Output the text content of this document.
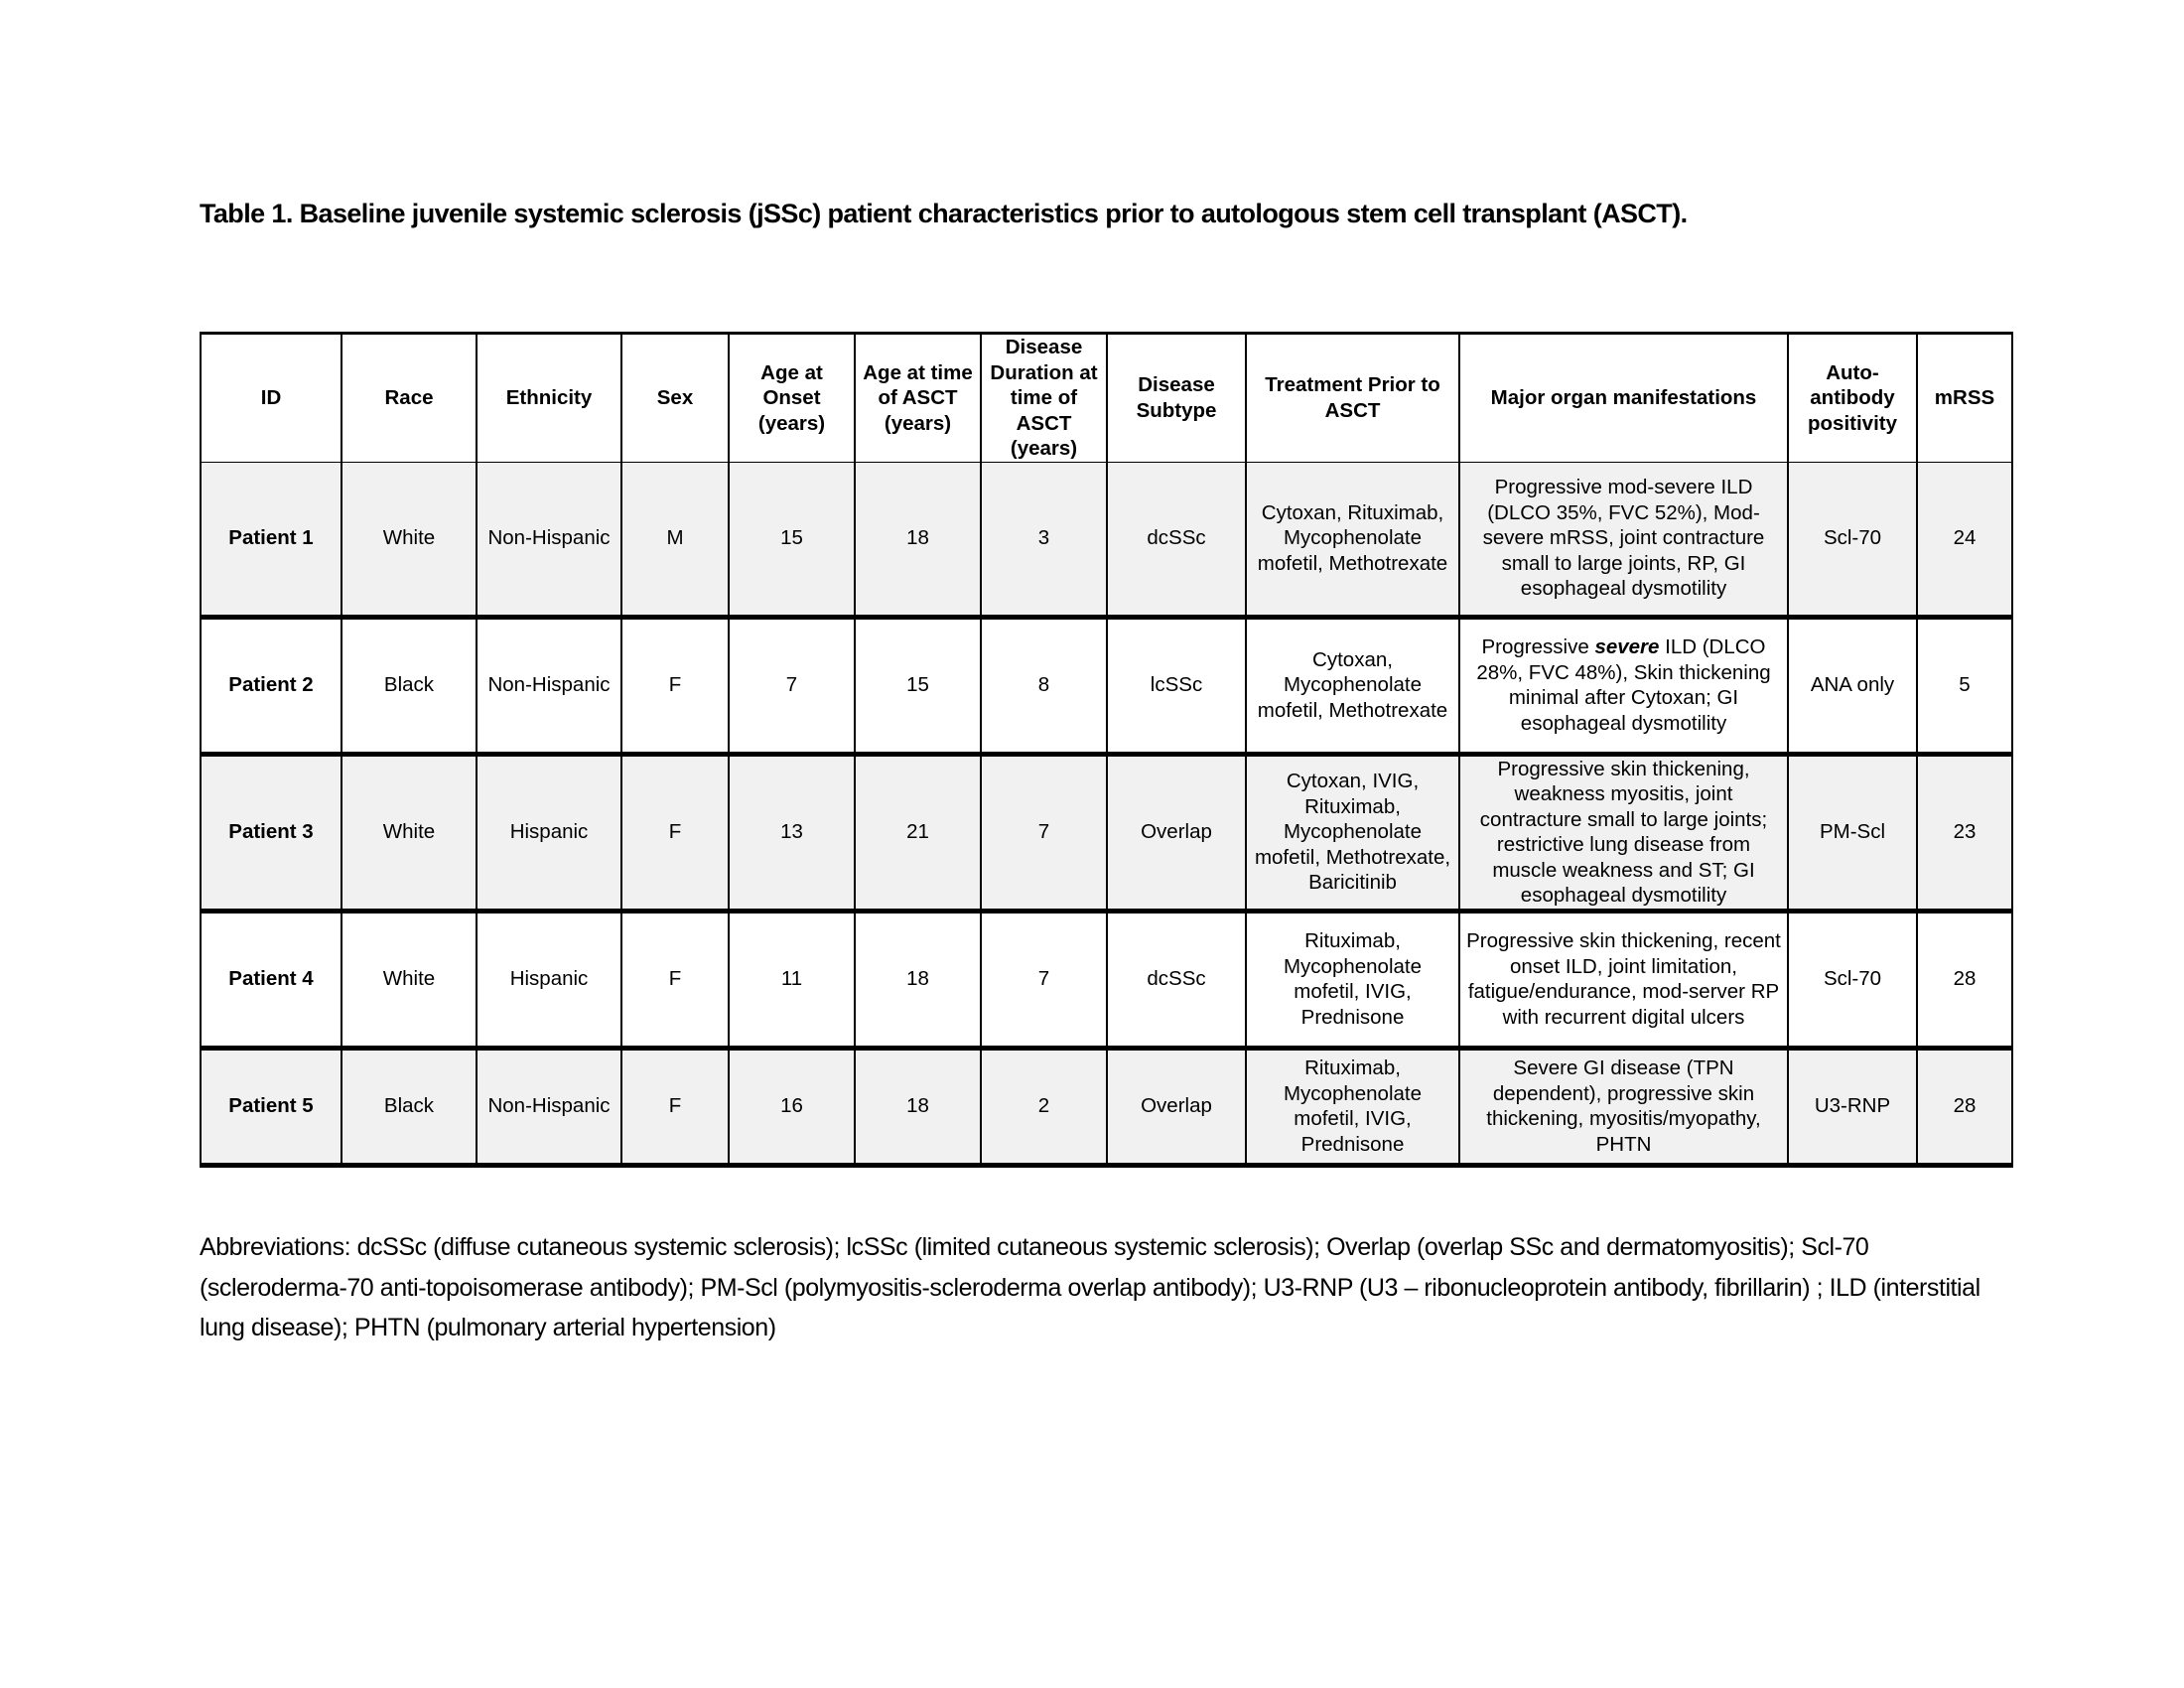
Table 1. Baseline juvenile systemic sclerosis (jSSc) patient characteristics prior to autologous stem cell transplant (ASCT).
ID	Race	Ethnicity	Sex	Age at Onset (years)	Age at time of ASCT (years)	Disease Duration at time of ASCT (years)	Disease Subtype	Treatment Prior to ASCT	Major organ manifestations	Auto-antibody positivity	mRSS
Patient 1	White	Non-Hispanic	M	15	18	3	dcSSc	Cytoxan, Rituximab, Mycophenolate mofetil, Methotrexate	Progressive mod-severe ILD (DLCO 35%, FVC 52%), Mod-severe mRSS, joint contracture small to large joints, RP, GI esophageal dysmotility	Scl-70	24
Patient 2	Black	Non-Hispanic	F	7	15	8	lcSSc	Cytoxan, Mycophenolate mofetil, Methotrexate	Progressive severe ILD (DLCO 28%, FVC 48%), Skin thickening minimal after Cytoxan; GI esophageal dysmotility	ANA only	5
Patient 3	White	Hispanic	F	13	21	7	Overlap	Cytoxan, IVIG, Rituximab, Mycophenolate mofetil, Methotrexate, Baricitinib	Progressive skin thickening, weakness myositis, joint contracture small to large joints; restrictive lung disease from muscle weakness and ST; GI esophageal dysmotility	PM-Scl	23
Patient 4	White	Hispanic	F	11	18	7	dcSSc	Rituximab, Mycophenolate mofetil, IVIG, Prednisone	Progressive skin thickening, recent onset ILD, joint limitation, fatigue/endurance, mod-server RP with recurrent digital ulcers	Scl-70	28
Patient 5	Black	Non-Hispanic	F	16	18	2	Overlap	Rituximab, Mycophenolate mofetil, IVIG, Prednisone	Severe GI disease (TPN dependent), progressive skin thickening, myositis/myopathy, PHTN	U3-RNP	28
Abbreviations: dcSSc (diffuse cutaneous systemic sclerosis); lcSSc (limited cutaneous systemic sclerosis); Overlap (overlap SSc and dermatomyositis); Scl-70 (scleroderma-70 anti-topoisomerase antibody); PM-Scl (polymyositis-scleroderma overlap antibody); U3-RNP (U3 – ribonucleoprotein antibody, fibrillarin) ; ILD (interstitial lung disease); PHTN (pulmonary arterial hypertension)
